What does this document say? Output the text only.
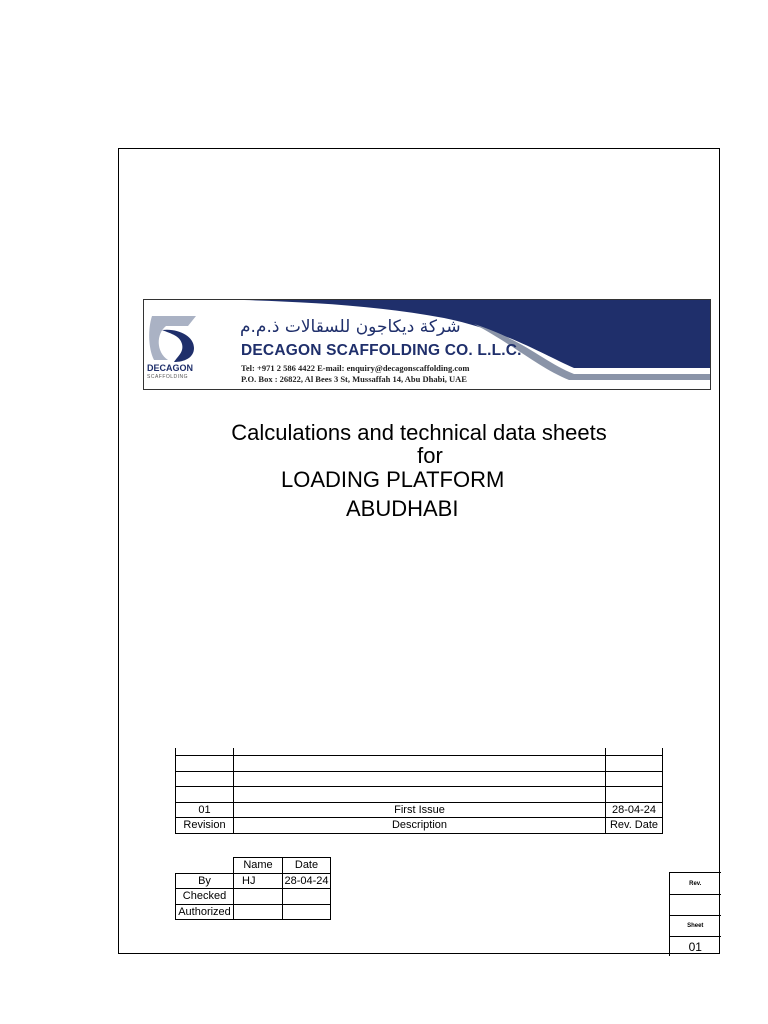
DECAGON
SCAFFOLDING
شركة ديكاجون للسقالات ذ.م.م
DECAGON SCAFFOLDING CO. L.L.C.
Tel: +971 2 586 4422 E-mail: enquiry@decagonscaffolding.com
P.O. Box : 26822, Al Bees 3 St, Mussaffah 14, Abu Dhabi, UAE
Calculations and technical data sheets
for
LOADING PLATFORM
ABUDHABI

01	First Issue	28-04-24
Revision	Description	Rev. Date
	Name	Date
By	HJ	28-04-24
Checked		
Authorized		
Rev.

Sheet
01
